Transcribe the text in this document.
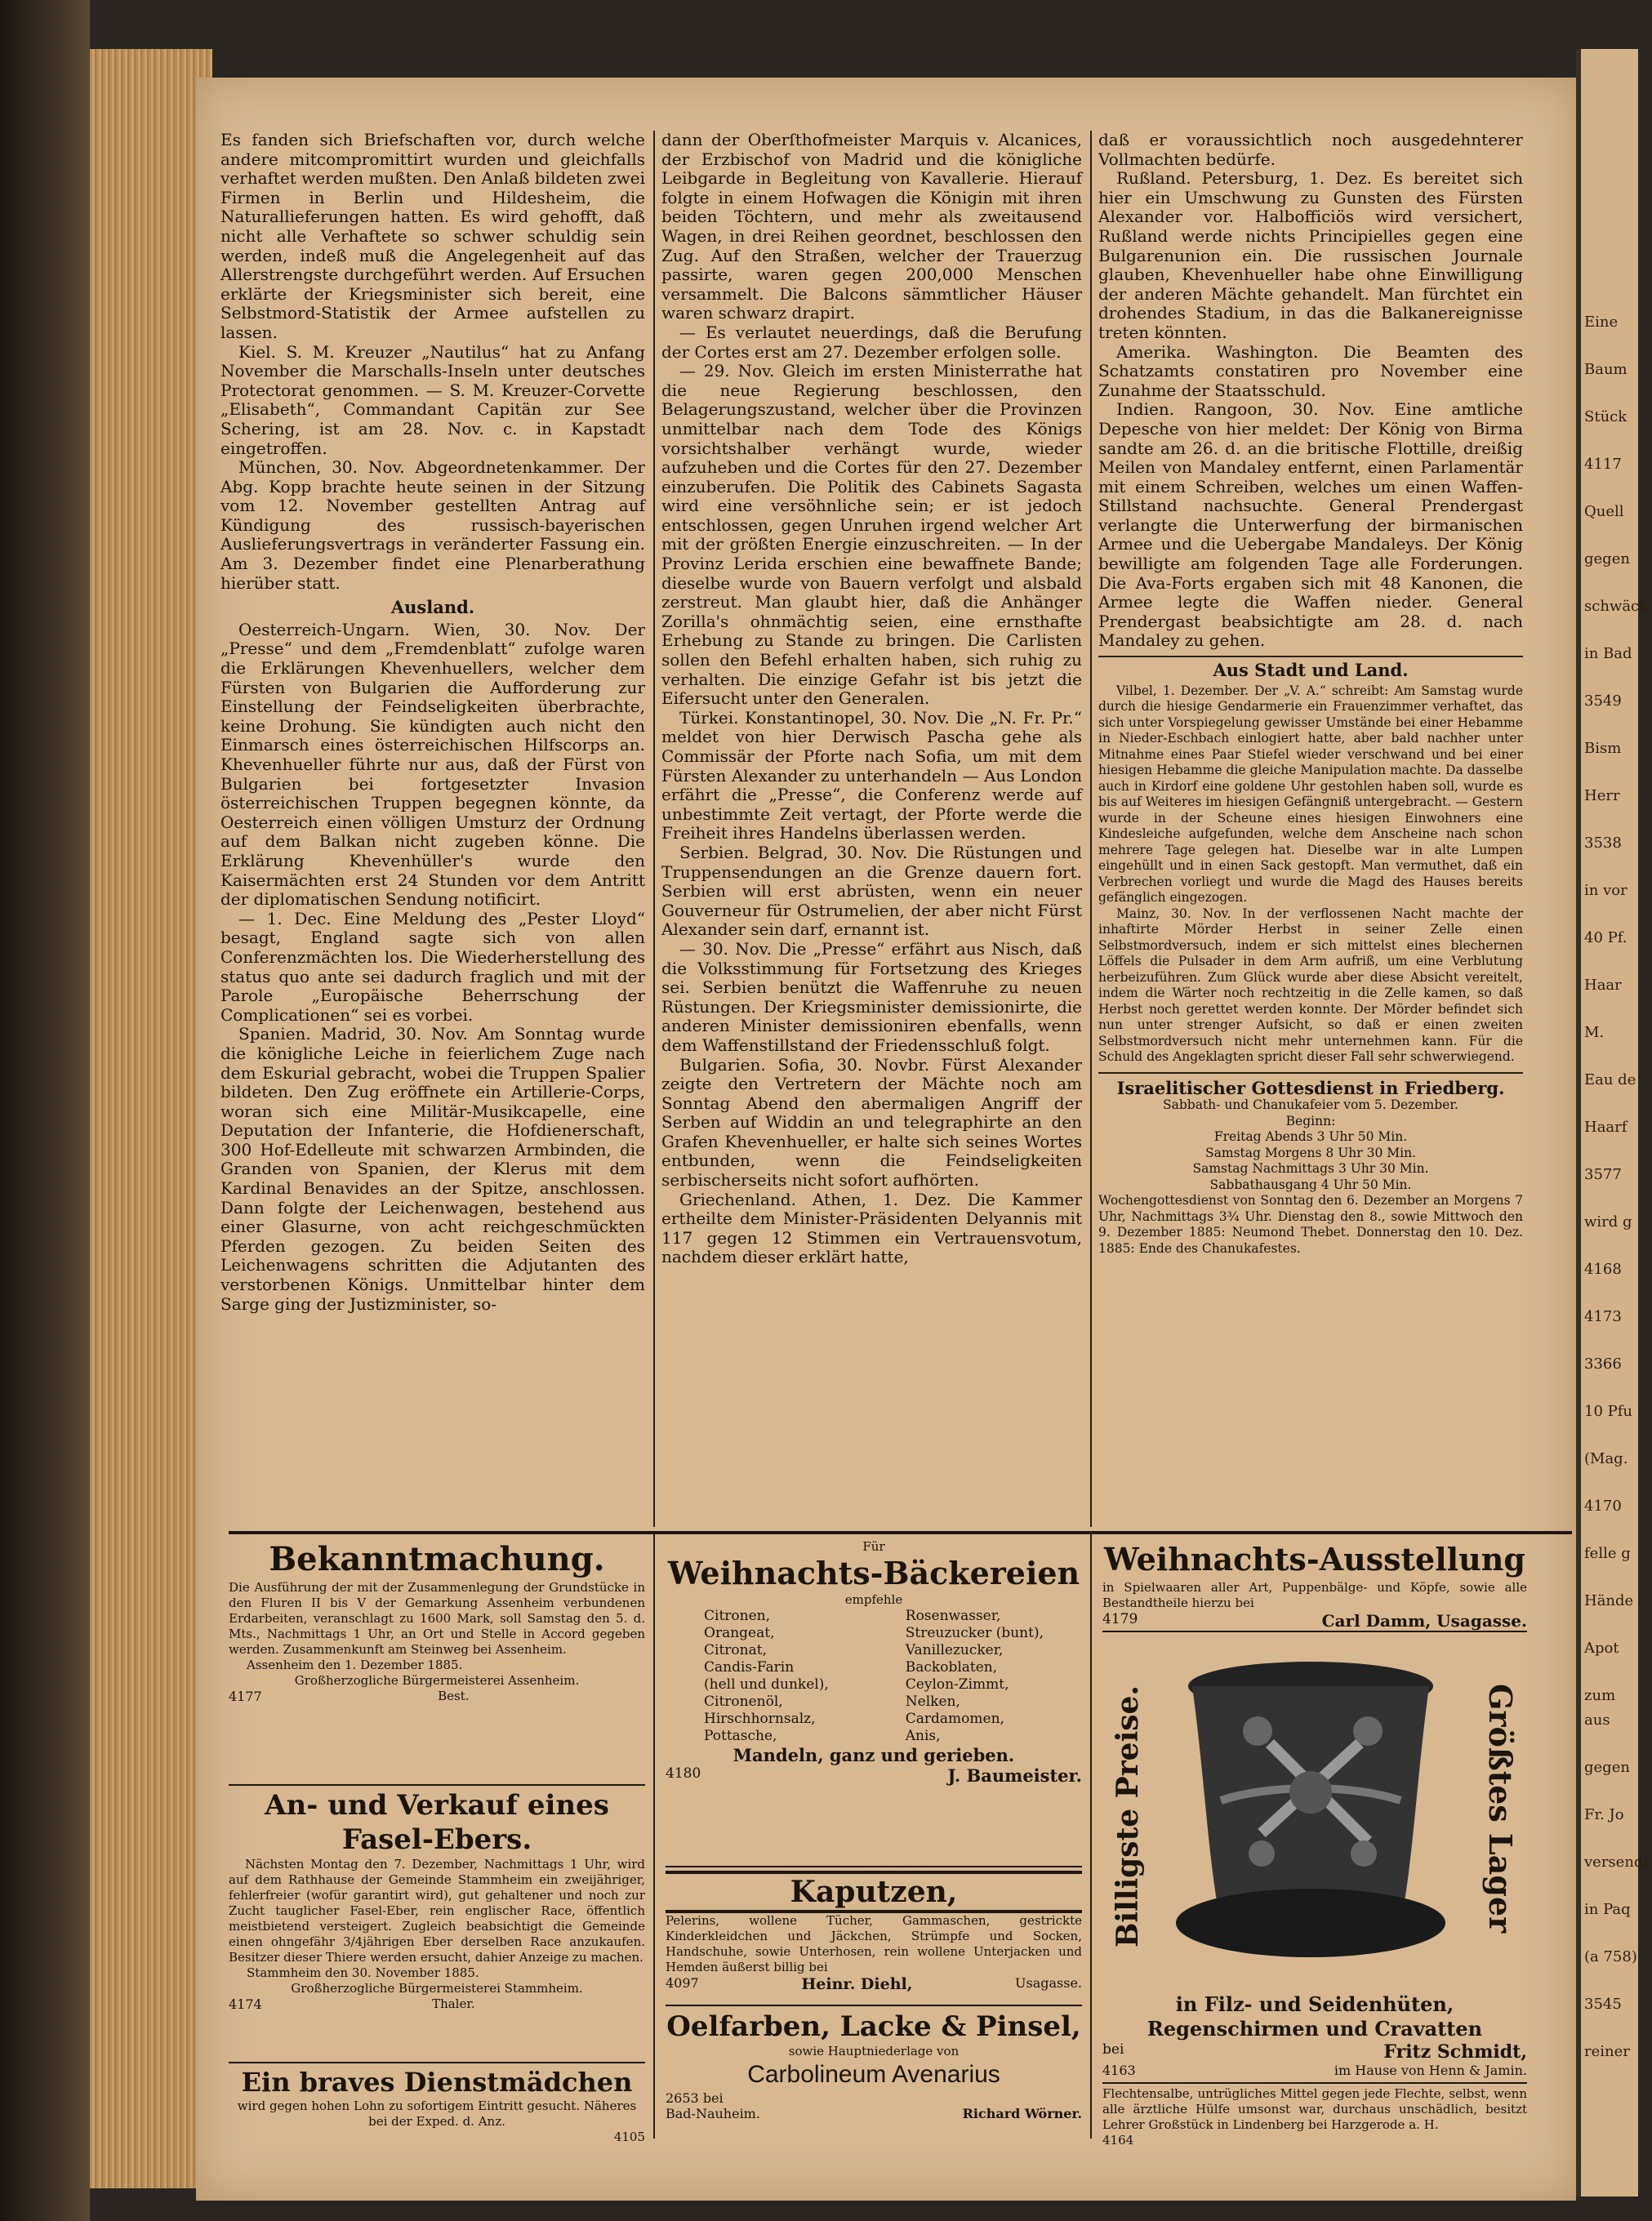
Es fanden sich Briefschaften vor, durch welche andere mitcompromittirt wurden und gleichfalls verhaftet werden mußten. Den Anlaß bildeten zwei Firmen in Berlin und Hildesheim, die Naturallieferungen hatten. Es wird gehofft, daß nicht alle Verhaftete so schwer schuldig sein werden, indeß muß die Angelegenheit auf das Allerstrengste durchgeführt werden. Auf Ersuchen erklärte der Kriegsminister sich bereit, eine Selbstmord-Statistik der Armee aufstellen zu lassen.

Kiel. S. M. Kreuzer „Nautilus“ hat zu Anfang November die Marschalls-Inseln unter deutsches Protectorat genommen. — S. M. Kreuzer-Corvette „Elisabeth“, Commandant Capitän zur See Schering, ist am 28. Nov. c. in Kapstadt eingetroffen.

München, 30. Nov. Abgeordnetenkammer. Der Abg. Kopp brachte heute seinen in der Sitzung vom 12. November gestellten Antrag auf Kündigung des russisch-bayerischen Auslieferungsvertrags in veränderter Fassung ein. Am 3. Dezember findet eine Plenarberathung hierüber statt.

Ausland.

Oesterreich-Ungarn. Wien, 30. Nov. Der „Presse“ und dem „Fremdenblatt“ zufolge waren die Erklärungen Khevenhuellers, welcher dem Fürsten von Bulgarien die Aufforderung zur Einstellung der Feindseligkeiten überbrachte, keine Drohung. Sie kündigten auch nicht den Einmarsch eines österreichischen Hilfscorps an. Khevenhueller führte nur aus, daß der Fürst von Bulgarien bei fortgesetzter Invasion österreichischen Truppen begegnen könnte, da Oesterreich einen völligen Umsturz der Ordnung auf dem Balkan nicht zugeben könne. Die Erklärung Khevenhüller's wurde den Kaisermächten erst 24 Stunden vor dem Antritt der diplomatischen Sendung notificirt.

— 1. Dec. Eine Meldung des „Pester Lloyd“ besagt, England sagte sich von allen Conferenzmächten los. Die Wiederherstellung des status quo ante sei dadurch fraglich und mit der Parole „Europäische Beherrschung der Complicationen“ sei es vorbei.

Spanien. Madrid, 30. Nov. Am Sonntag wurde die königliche Leiche in feierlichem Zuge nach dem Eskurial gebracht, wobei die Truppen Spalier bildeten. Den Zug eröffnete ein Artillerie-Corps, woran sich eine Militär-Musikcapelle, eine Deputation der Infanterie, die Hofdienerschaft, 300 Hof-Edelleute mit schwarzen Armbinden, die Granden von Spanien, der Klerus mit dem Kardinal Benavides an der Spitze, anschlossen. Dann folgte der Leichenwagen, bestehend aus einer Glasurne, von acht reichgeschmückten Pferden gezogen. Zu beiden Seiten des Leichenwagens schritten die Adjutanten des verstorbenen Königs. Unmittelbar hinter dem Sarge ging der Justizminister, so-

dann der Oberſthofmeister Marquis v. Alcanices, der Erzbischof von Madrid und die königliche Leibgarde in Begleitung von Kavallerie. Hierauf folgte in einem Hofwagen die Königin mit ihren beiden Töchtern, und mehr als zweitausend Wagen, in drei Reihen geordnet, beschlossen den Zug. Auf den Straßen, welcher der Trauerzug passirte, waren gegen 200,000 Menschen versammelt. Die Balcons sämmtlicher Häuser waren schwarz drapirt.

— Es verlautet neuerdings, daß die Berufung der Cortes erst am 27. Dezember erfolgen solle.

— 29. Nov. Gleich im ersten Ministerrathe hat die neue Regierung beschlossen, den Belagerungszustand, welcher über die Provinzen unmittelbar nach dem Tode des Königs vorsichtshalber verhängt wurde, wieder aufzuheben und die Cortes für den 27. Dezember einzuberufen. Die Politik des Cabinets Sagasta wird eine versöhnliche sein; er ist jedoch entschlossen, gegen Unruhen irgend welcher Art mit der größten Energie einzuschreiten. — In der Provinz Lerida erschien eine bewaffnete Bande; dieselbe wurde von Bauern verfolgt und alsbald zerstreut. Man glaubt hier, daß die Anhänger Zorilla's ohnmächtig seien, eine ernsthafte Erhebung zu Stande zu bringen. Die Carlisten sollen den Befehl erhalten haben, sich ruhig zu verhalten. Die einzige Gefahr ist bis jetzt die Eifersucht unter den Generalen.

Türkei. Konstantinopel, 30. Nov. Die „N. Fr. Pr.“ meldet von hier Derwisch Pascha gehe als Commissär der Pforte nach Sofia, um mit dem Fürsten Alexander zu unterhandeln — Aus London erfährt die „Presse“, die Conferenz werde auf unbestimmte Zeit vertagt, der Pforte werde die Freiheit ihres Handelns überlassen werden.

Serbien. Belgrad, 30. Nov. Die Rüstungen und Truppensendungen an die Grenze dauern fort. Serbien will erst abrüsten, wenn ein neuer Gouverneur für Ostrumelien, der aber nicht Fürst Alexander sein darf, ernannt ist.

— 30. Nov. Die „Presse“ erfährt aus Nisch, daß die Volksstimmung für Fortsetzung des Krieges sei. Serbien benützt die Waffenruhe zu neuen Rüstungen. Der Kriegsminister demissionirte, die anderen Minister demissioniren ebenfalls, wenn dem Waffenstillstand der Friedensschluß folgt.

Bulgarien. Sofia, 30. Novbr. Fürst Alexander zeigte den Vertretern der Mächte noch am Sonntag Abend den abermaligen Angriff der Serben auf Widdin an und telegraphirte an den Grafen Khevenhueller, er halte sich seines Wortes entbunden, wenn die Feindseligkeiten serbischerseits nicht sofort aufhörten.

Griechenland. Athen, 1. Dez. Die Kammer ertheilte dem Minister-Präsidenten Delyannis mit 117 gegen 12 Stimmen ein Vertrauensvotum, nachdem dieser erklärt hatte,

daß er voraussichtlich noch ausgedehnterer Vollmachten bedürfe.

Rußland. Petersburg, 1. Dez. Es bereitet sich hier ein Umschwung zu Gunsten des Fürsten Alexander vor. Halbofficiös wird versichert, Rußland werde nichts Principielles gegen eine Bulgarenunion ein. Die russischen Journale glauben, Khevenhueller habe ohne Einwilligung der anderen Mächte gehandelt. Man fürchtet ein drohendes Stadium, in das die Balkanereignisse treten könnten.

Amerika. Washington. Die Beamten des Schatzamts constatiren pro November eine Zunahme der Staatsschuld.

Indien. Rangoon, 30. Nov. Eine amtliche Depesche von hier meldet: Der König von Birma sandte am 26. d. an die britische Flottille, dreißig Meilen von Mandaley entfernt, einen Parlamentär mit einem Schreiben, welches um einen Waffen-Stillstand nachsuchte. General Prendergast verlangte die Unterwerfung der birmanischen Armee und die Uebergabe Mandaleys. Der König bewilligte am folgenden Tage alle Forderungen. Die Ava-Forts ergaben sich mit 48 Kanonen, die Armee legte die Waffen nieder. General Prendergast beabsichtigte am 28. d. nach Mandaley zu gehen.

Aus Stadt und Land.

Vilbel, 1. Dezember. Der „V. A.“ schreibt: Am Samstag wurde durch die hiesige Gendarmerie ein Frauenzimmer verhaftet, das sich unter Vorspiegelung gewisser Umstände bei einer Hebamme in Nieder-Eschbach einlogiert hatte, aber bald nachher unter Mitnahme eines Paar Stiefel wieder verschwand und bei einer hiesigen Hebamme die gleiche Manipulation machte. Da dasselbe auch in Kirdorf eine goldene Uhr gestohlen haben soll, wurde es bis auf Weiteres im hiesigen Gefängniß untergebracht. — Gestern wurde in der Scheune eines hiesigen Einwohners eine Kindesleiche aufgefunden, welche dem Anscheine nach schon mehrere Tage gelegen hat. Dieselbe war in alte Lumpen eingehüllt und in einen Sack gestopft. Man vermuthet, daß ein Verbrechen vorliegt und wurde die Magd des Hauses bereits gefänglich eingezogen.

Mainz, 30. Nov. In der verflossenen Nacht machte der inhaftirte Mörder Herbst in seiner Zelle einen Selbstmordversuch, indem er sich mittelst eines blechernen Löffels die Pulsader in dem Arm aufriß, um eine Verblutung herbeizuführen. Zum Glück wurde aber diese Absicht vereitelt, indem die Wärter noch rechtzeitig in die Zelle kamen, so daß Herbst noch gerettet werden konnte. Der Mörder befindet sich nun unter strenger Aufsicht, so daß er einen zweiten Selbstmordversuch nicht mehr unternehmen kann. Für die Schuld des Angeklagten spricht dieser Fall sehr schwerwiegend.

Israelitischer Gottesdienst in Friedberg.
Sabbath- und Chanukafeier vom 5. Dezember.
Beginn:
Freitag Abends 3 Uhr 50 Min.
Samstag Morgens 8 Uhr 30 Min.
Samstag Nachmittags 3 Uhr 30 Min.
Sabbathausgang 4 Uhr 50 Min.
Wochengottesdienst von Sonntag den 6. Dezember an Morgens 7 Uhr, Nachmittags 3¾ Uhr. Dienstag den 8., sowie Mittwoch den 9. Dezember 1885: Neumond Thebet. Donnerstag den 10. Dez. 1885: Ende des Chanukafestes.
Bekanntmachung.

Die Ausführung der mit der Zusammenlegung der Grundstücke in den Fluren II bis V der Gemarkung Assenheim verbundenen Erdarbeiten, veranschlagt zu 1600 Mark, soll Samstag den 5. d. Mts., Nachmittags 1 Uhr, an Ort und Stelle in Accord gegeben werden. Zusammenkunft am Steinweg bei Assenheim.

Assenheim den 1. Dezember 1885.

Großherzogliche Bürgermeisterei Assenheim.

4177	Best.
An- und Verkauf eines Fasel-Ebers.

Nächsten Montag den 7. Dezember, Nachmittags 1 Uhr, wird auf dem Rathhause der Gemeinde Stammheim ein zweijähriger, fehlerfreier (wofür garantirt wird), gut gehaltener und noch zur Zucht tauglicher Fasel-Eber, rein englischer Race, öffentlich meistbietend versteigert. Zugleich beabsichtigt die Gemeinde einen ohngefähr 3/4jährigen Eber derselben Race anzukaufen. Besitzer dieser Thiere werden ersucht, dahier Anzeige zu machen.

Stammheim den 30. November 1885.

Großherzogliche Bürgermeisterei Stammheim.

4174	Thaler.
Ein braves Dienstmädchen

wird gegen hohen Lohn zu sofortigem Eintritt gesucht. Näheres bei der Exped. d. Anz.

4105
Für
Weihnachts-Bäckereien
empfehle
Citronen,
Orangeat,
Citronat,
Candis-Farin
(hell und dunkel),
Citronenöl,
Hirschhornsalz,
Pottasche,
Rosenwasser,
Streuzucker (bunt),
Vanillezucker,
Backoblaten,
Ceylon-Zimmt,
Nelken,
Cardamomen,
Anis,
Mandeln, ganz und gerieben.
4180	J. Baumeister.
Kaputzen,

Pelerins, wollene Tücher, Gammaschen, gestrickte Kinderkleidchen und Jäckchen, Strümpfe und Socken, Handschuhe, sowie Unterhosen, rein wollene Unterjacken und Hemden äußerst billig bei

4097	Heinr. Diehl,	Usagasse.
Oelfarben, Lacke & Pinsel,
sowie Hauptniederlage von
Carbolineum Avenarius
2653 bei
Bad-Nauheim.	Richard Wörner.
Weihnachts-Ausstellung

in Spielwaaren aller Art, Puppenbälge- und Köpfe, sowie alle Bestandtheile hierzu bei

4179	Carl Damm, Usagasse.
Billigste Preise.	Größtes Lager
in Filz- und Seidenhüten, Regenschirmen und Cravatten
bei	Fritz Schmidt,
4163	im Hause von Henn & Jamin.

Flechtensalbe, untrügliches Mittel gegen jede Flechte, selbst, wenn alle ärztliche Hülfe umsonst war, durchaus unschädlich, besitzt Lehrer Großstück in Lindenberg bei Harzgerode a. H.

4164
Eine
Baum
Stück
4117
Quell
gegen
schwäch
in Bad
3549
Bism
Herr
3538
in vor
40 Pf.
Haar
M.
Eau de
Haarf
3577
wird g
4168
4173
3366
10 Pfu
(Mag.
4170
felle g
Hände
Apot
zum aus
gegen
Fr. Jo
versende
in Paq
(a 758)
3545
reiner
